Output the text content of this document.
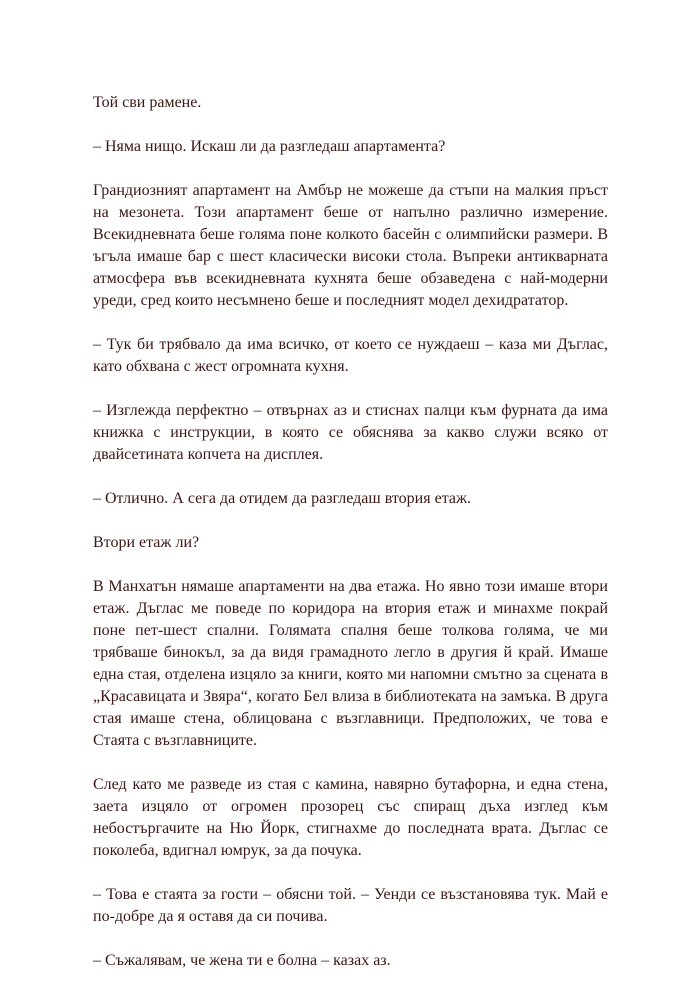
Той сви рамене.

– Няма нищо. Искаш ли да разгледаш апартамента?

Грандиозният апартамент на Амбър не можеше да стъпи на малкия пръст на мезонета. Този апартамент беше от напълно различно измерение. Всекидневната беше голяма поне колкото басейн с олимпийски размери. В ъгъла имаше бар с шест класически високи стола. Въпреки антикварната атмосфера във всекидневната кухнята беше обзаведена с най-модерни уреди, сред които несъмнено беше и последният модел дехидрататор.

– Тук би трябвало да има всичко, от което се нуждаеш – каза ми Дъглас, като обхвана с жест огромната кухня.

– Изглежда перфектно – отвърнах аз и стиснах палци към фурната да има книжка с инструкции, в която се обяснява за какво служи всяко от двайсетината копчета на дисплея.

– Отлично. А сега да отидем да разгледаш втория етаж.

Втори етаж ли?

В Манхатън нямаше апартаменти на два етажа. Но явно този имаше втори етаж. Дъглас ме поведе по коридора на втория етаж и минахме покрай поне пет-шест спални. Голямата спалня беше толкова голяма, че ми трябваше бинокъл, за да видя грамадното легло в другия й край. Имаше една стая, отделена изцяло за книги, която ми напомни смътно за сцената в „Красавицата и Звяра“, когато Бел влиза в библиотеката на замъка. В друга стая имаше стена, облицована с възглавници. Предположих, че това е Стаята с възглавниците.

След като ме разведе из стая с камина, навярно бутафорна, и една стена, заета изцяло от огромен прозорец със спиращ дъха изглед към небостъргачите на Ню Йорк, стигнахме до последната врата. Дъглас се поколеба, вдигнал юмрук, за да почука.

– Това е стаята за гости – обясни той. – Уенди се възстановява тук. Май е по-добре да я оставя да си почива.

– Съжалявам, че жена ти е болна – казах аз.
